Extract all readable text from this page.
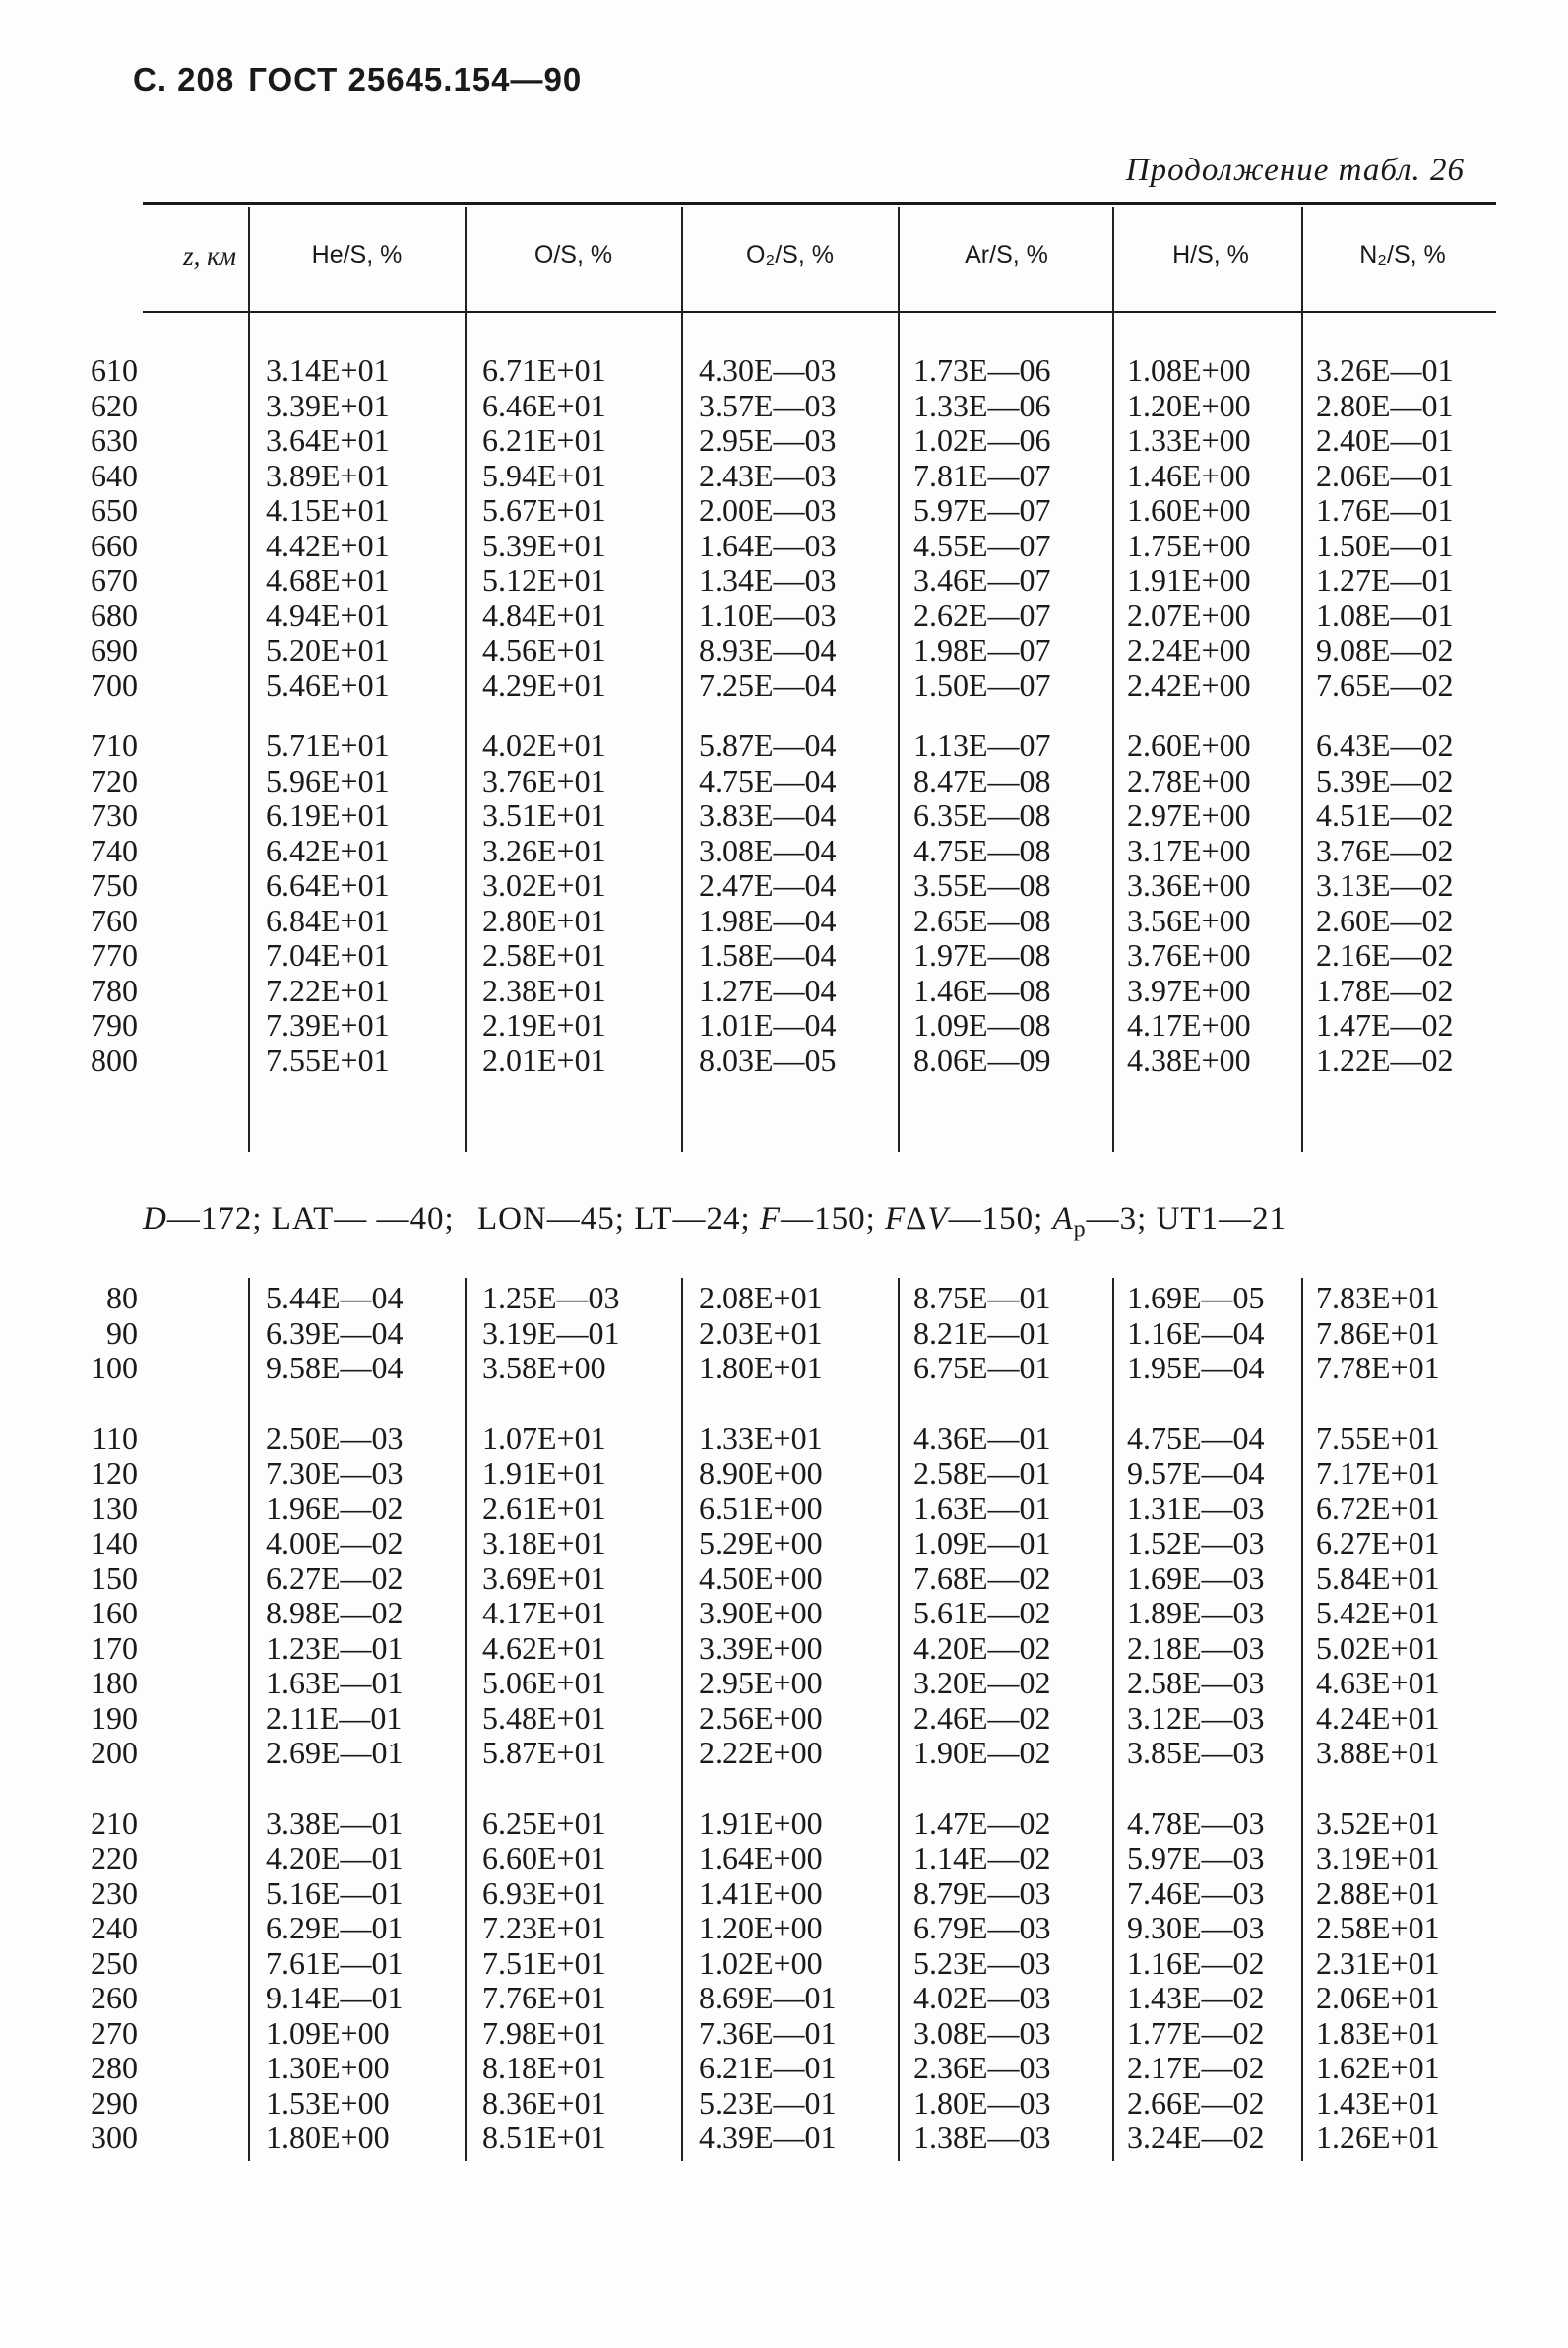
С. 208 ГОСТ 25645.154—90
Продолжение табл. 26
z, км	He/S, %	O/S, %	O₂/S, %	Ar/S, %	H/S, %	N₂/S, %
610	3.14E+01	6.71E+01	4.30E—03 1.73E—06 1.08E+00 3.26E—01
620	3.39E+01	6.46E+01	3.57E—03 1.33E—06 1.20E+00 2.80E—01
630	3.64E+01	6.21E+01	2.95E—03 1.02E—06 1.33E+00 2.40E—01
640	3.89E+01	5.94E+01	2.43E—03 7.81E—07 1.46E+00 2.06E—01
650	4.15E+01	5.67E+01	2.00E—03 5.97E—07 1.60E+00 1.76E—01
660	4.42E+01	5.39E+01	1.64E—03 4.55E—07 1.75E+00 1.50E—01
670	4.68E+01	5.12E+01	1.34E—03 3.46E—07 1.91E+00 1.27E—01
680	4.94E+01	4.84E+01	1.10E—03 2.62E—07 2.07E+00 1.08E—01
690	5.20E+01	4.56E+01	8.93E—04 1.98E—07 2.24E+00 9.08E—02
700	5.46E+01	4.29E+01	7.25E—04 1.50E—07 2.42E+00 7.65E—02
710	5.71E+01	4.02E+01	5.87E—04 1.13E—07 2.60E+00 6.43E—02
720	5.96E+01	3.76E+01	4.75E—04 8.47E—08 2.78E+00 5.39E—02
730	6.19E+01	3.51E+01	3.83E—04 6.35E—08 2.97E+00 4.51E—02
740	6.42E+01	3.26E+01	3.08E—04 4.75E—08 3.17E+00 3.76E—02
750	6.64E+01	3.02E+01	2.47E—04 3.55E—08 3.36E+00 3.13E—02
760	6.84E+01	2.80E+01	1.98E—04 2.65E—08 3.56E+00 2.60E—02
770	7.04E+01	2.58E+01	1.58E—04 1.97E—08 3.76E+00 2.16E—02
780	7.22E+01	2.38E+01	1.27E—04 1.46E—08 3.97E+00 1.78E—02
790	7.39E+01	2.19E+01	1.01E—04 1.09E—08 4.17E+00 1.47E—02
800	7.55E+01	2.01E+01	8.03E—05 8.06E—09 4.38E+00 1.22E—02
D—172; LAT— —40; LON—45; LT—24; F—150; FΔV—150; $A_p—3$; UT1—21
80	5.44E—04	1.25E—03	2.08E+01	8.75E—01 1.69E—05 7.83E+01
90	6.39E—04	3.19E—01	2.03E+01	8.21E—01 1.16E—04 7.86E+01
100	9.58E—04	3.58E+00	1.80E+01	6.75E—01 1.95E—04 7.78E+01
110	2.50E—03	1.07E+01	1.33E+01	4.36E—01 4.75E—04 7.55E+01
120	7.30E—03	1.91E+01	8.90E+00	2.58E—01 9.57E—04 7.17E+01
130	1.96E—02	2.61E+01	6.51E+00	1.63E—01 1.31E—03 6.72E+01
140	4.00E—02	3.18E+01	5.29E+00	1.09E—01 1.52E—03 6.27E+01
150	6.27E—02	3.69E+01	4.50E+00	7.68E—02 1.69E—03 5.84E+01
160	8.98E—02	4.17E+01	3.90E+00	5.61E—02 1.89E—03 5.42E+01
170	1.23E—01	4.62E+01	3.39E+00	4.20E—02 2.18E—03 5.02E+01
180	1.63E—01	5.06E+01	2.95E+00	3.20E—02 2.58E—03 4.63E+01
190	2.11E—01	5.48E+01	2.56E+00	2.46E—02 3.12E—03 4.24E+01
200	2.69E—01	5.87E+01	2.22E+00	1.90E—02 3.85E—03 3.88E+01
210	3.38E—01	6.25E+01	1.91E+00	1.47E—02 4.78E—03 3.52E+01
220	4.20E—01	6.60E+01	1.64E+00	1.14E—02 5.97E—03 3.19E+01
230	5.16E—01	6.93E+01	1.41E+00	8.79E—03 7.46E—03 2.88E+01
240	6.29E—01	7.23E+01	1.20E+00	6.79E—03 9.30E—03 2.58E+01
250	7.61E—01	7.51E+01	1.02E+00	5.23E—03 1.16E—02 2.31E+01
260	9.14E—01	7.76E+01	8.69E—01 4.02E—03 1.43E—02 2.06E+01
270	1.09E+00	7.98E+01	7.36E—01 3.08E—03 1.77E—02 1.83E+01
280	1.30E+00	8.18E+01	6.21E—01 2.36E—03 2.17E—02 1.62E+01
290	1.53E+00	8.36E+01	5.23E—01 1.80E—03 2.66E—02 1.43E+01
300	1.80E+00	8.51E+01	4.39E—01 1.38E—03 3.24E—02 1.26E+01
